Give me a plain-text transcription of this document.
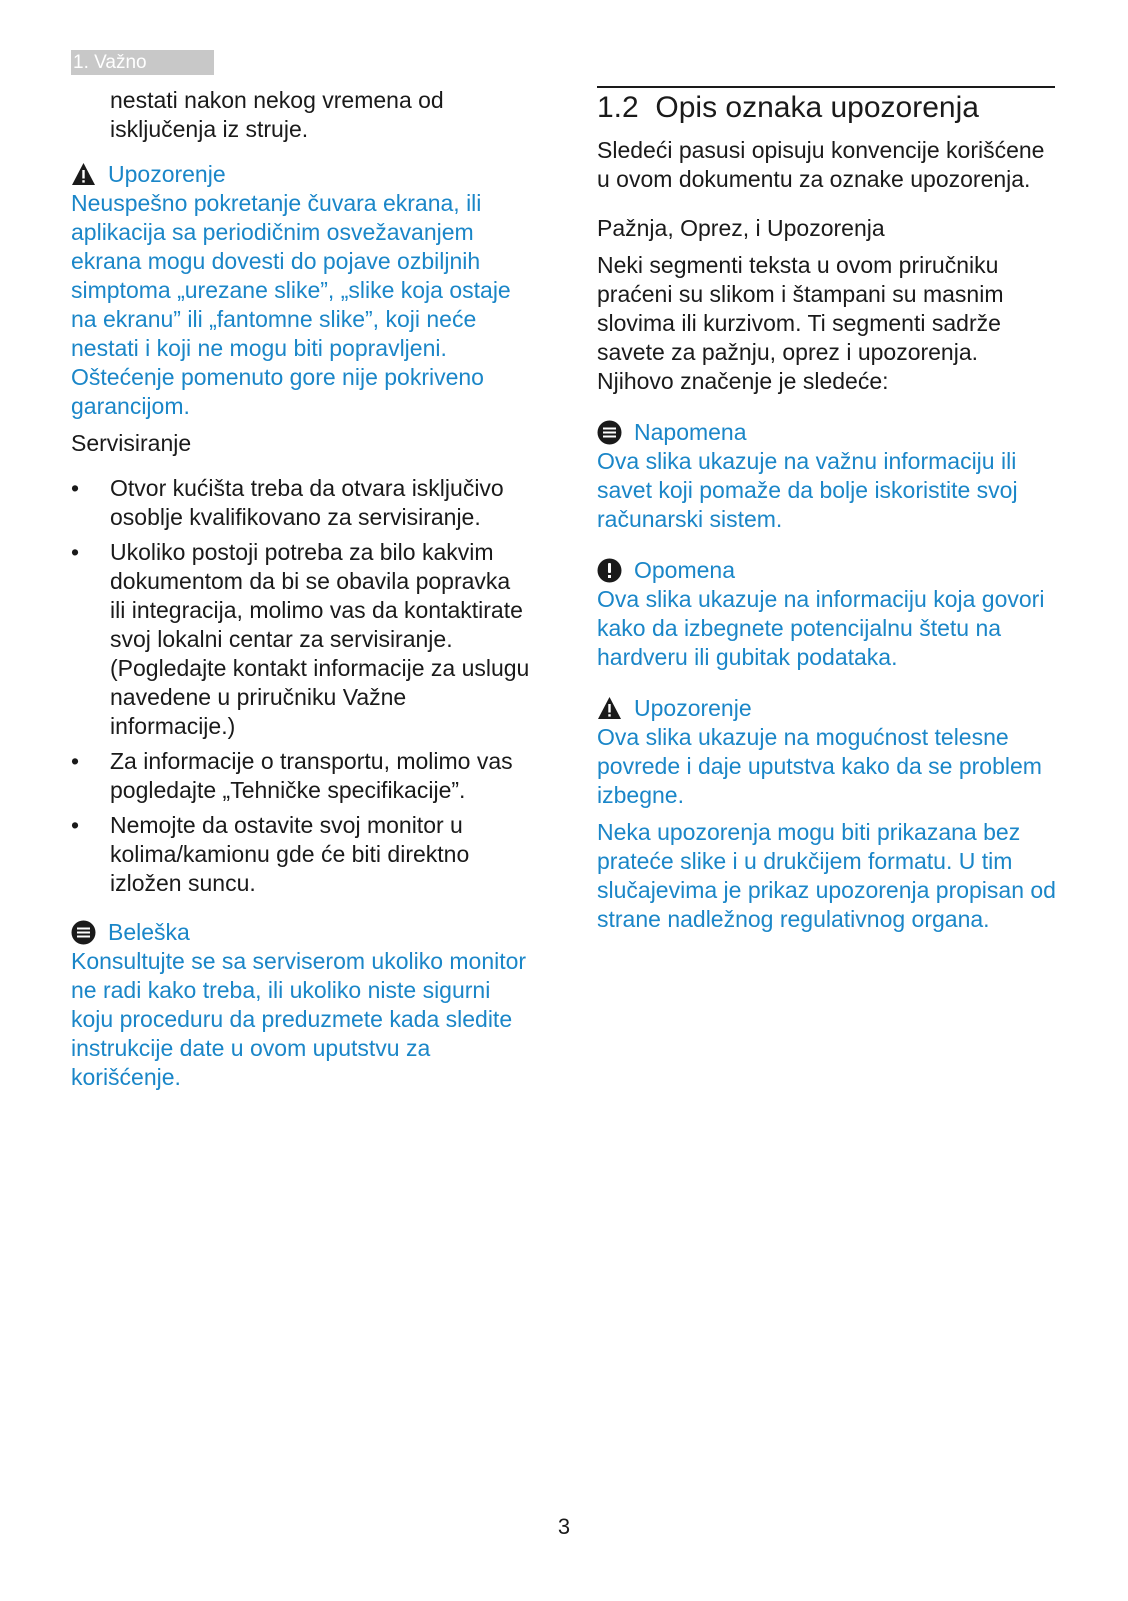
1. Važno

nestati nakon nekog vremena od isključenja iz struje.

Upozorenje

Neuspešno pokretanje čuvara ekrana, ili aplikacija sa periodičnim osvežavanjem ekrana mogu dovesti do pojave ozbiljnih simptoma „urezane slike”, „slike koja ostaje na ekranu” ili „fantomne slike”, koji neće nestati i koji ne mogu biti popravljeni. Oštećenje pomenuto gore nije pokriveno garancijom.

Servisiranje

• Otvor kućišta treba da otvara isključivo osoblje kvalifikovano za servisiranje.
• Ukoliko postoji potreba za bilo kakvim dokumentom da bi se obavila popravka ili integracija, molimo vas da kontaktirate svoj lokalni centar za servisiranje. (Pogledajte kontakt informacije za uslugu navedene u priručniku Važne informacije.)
• Za informacije o transportu, molimo vas pogledajte „Tehničke specifikacije”.
• Nemojte da ostavite svoj monitor u kolima/kamionu gde će biti direktno izložen suncu.
Beleška

Konsultujte se sa serviserom ukoliko monitor ne radi kako treba, ili ukoliko niste sigurni koju proceduru da preduzmete kada sledite instrukcije date u ovom uputstvu za korišćenje.

1.2 Opis oznaka upozorenja

Sledeći pasusi opisuju konvencije korišćene u ovom dokumentu za oznake upozorenja.

Pažnja, Oprez, i Upozorenja

Neki segmenti teksta u ovom priručniku praćeni su slikom i štampani su masnim slovima ili kurzivom. Ti segmenti sadrže savete za pažnju, oprez i upozorenja. Njihovo značenje je sledeće:

Napomena

Ova slika ukazuje na važnu informaciju ili savet koji pomaže da bolje iskoristite svoj računarski sistem.

Opomena

Ova slika ukazuje na informaciju koja govori kako da izbegnete potencijalnu štetu na hardveru ili gubitak podataka.

Upozorenje

Ova slika ukazuje na mogućnost telesne povrede i daje uputstva kako da se problem izbegne.

Neka upozorenja mogu biti prikazana bez prateće slike i u drukčijem formatu. U tim slučajevima je prikaz upozorenja propisan od strane nadležnog regulativnog organa.

3
